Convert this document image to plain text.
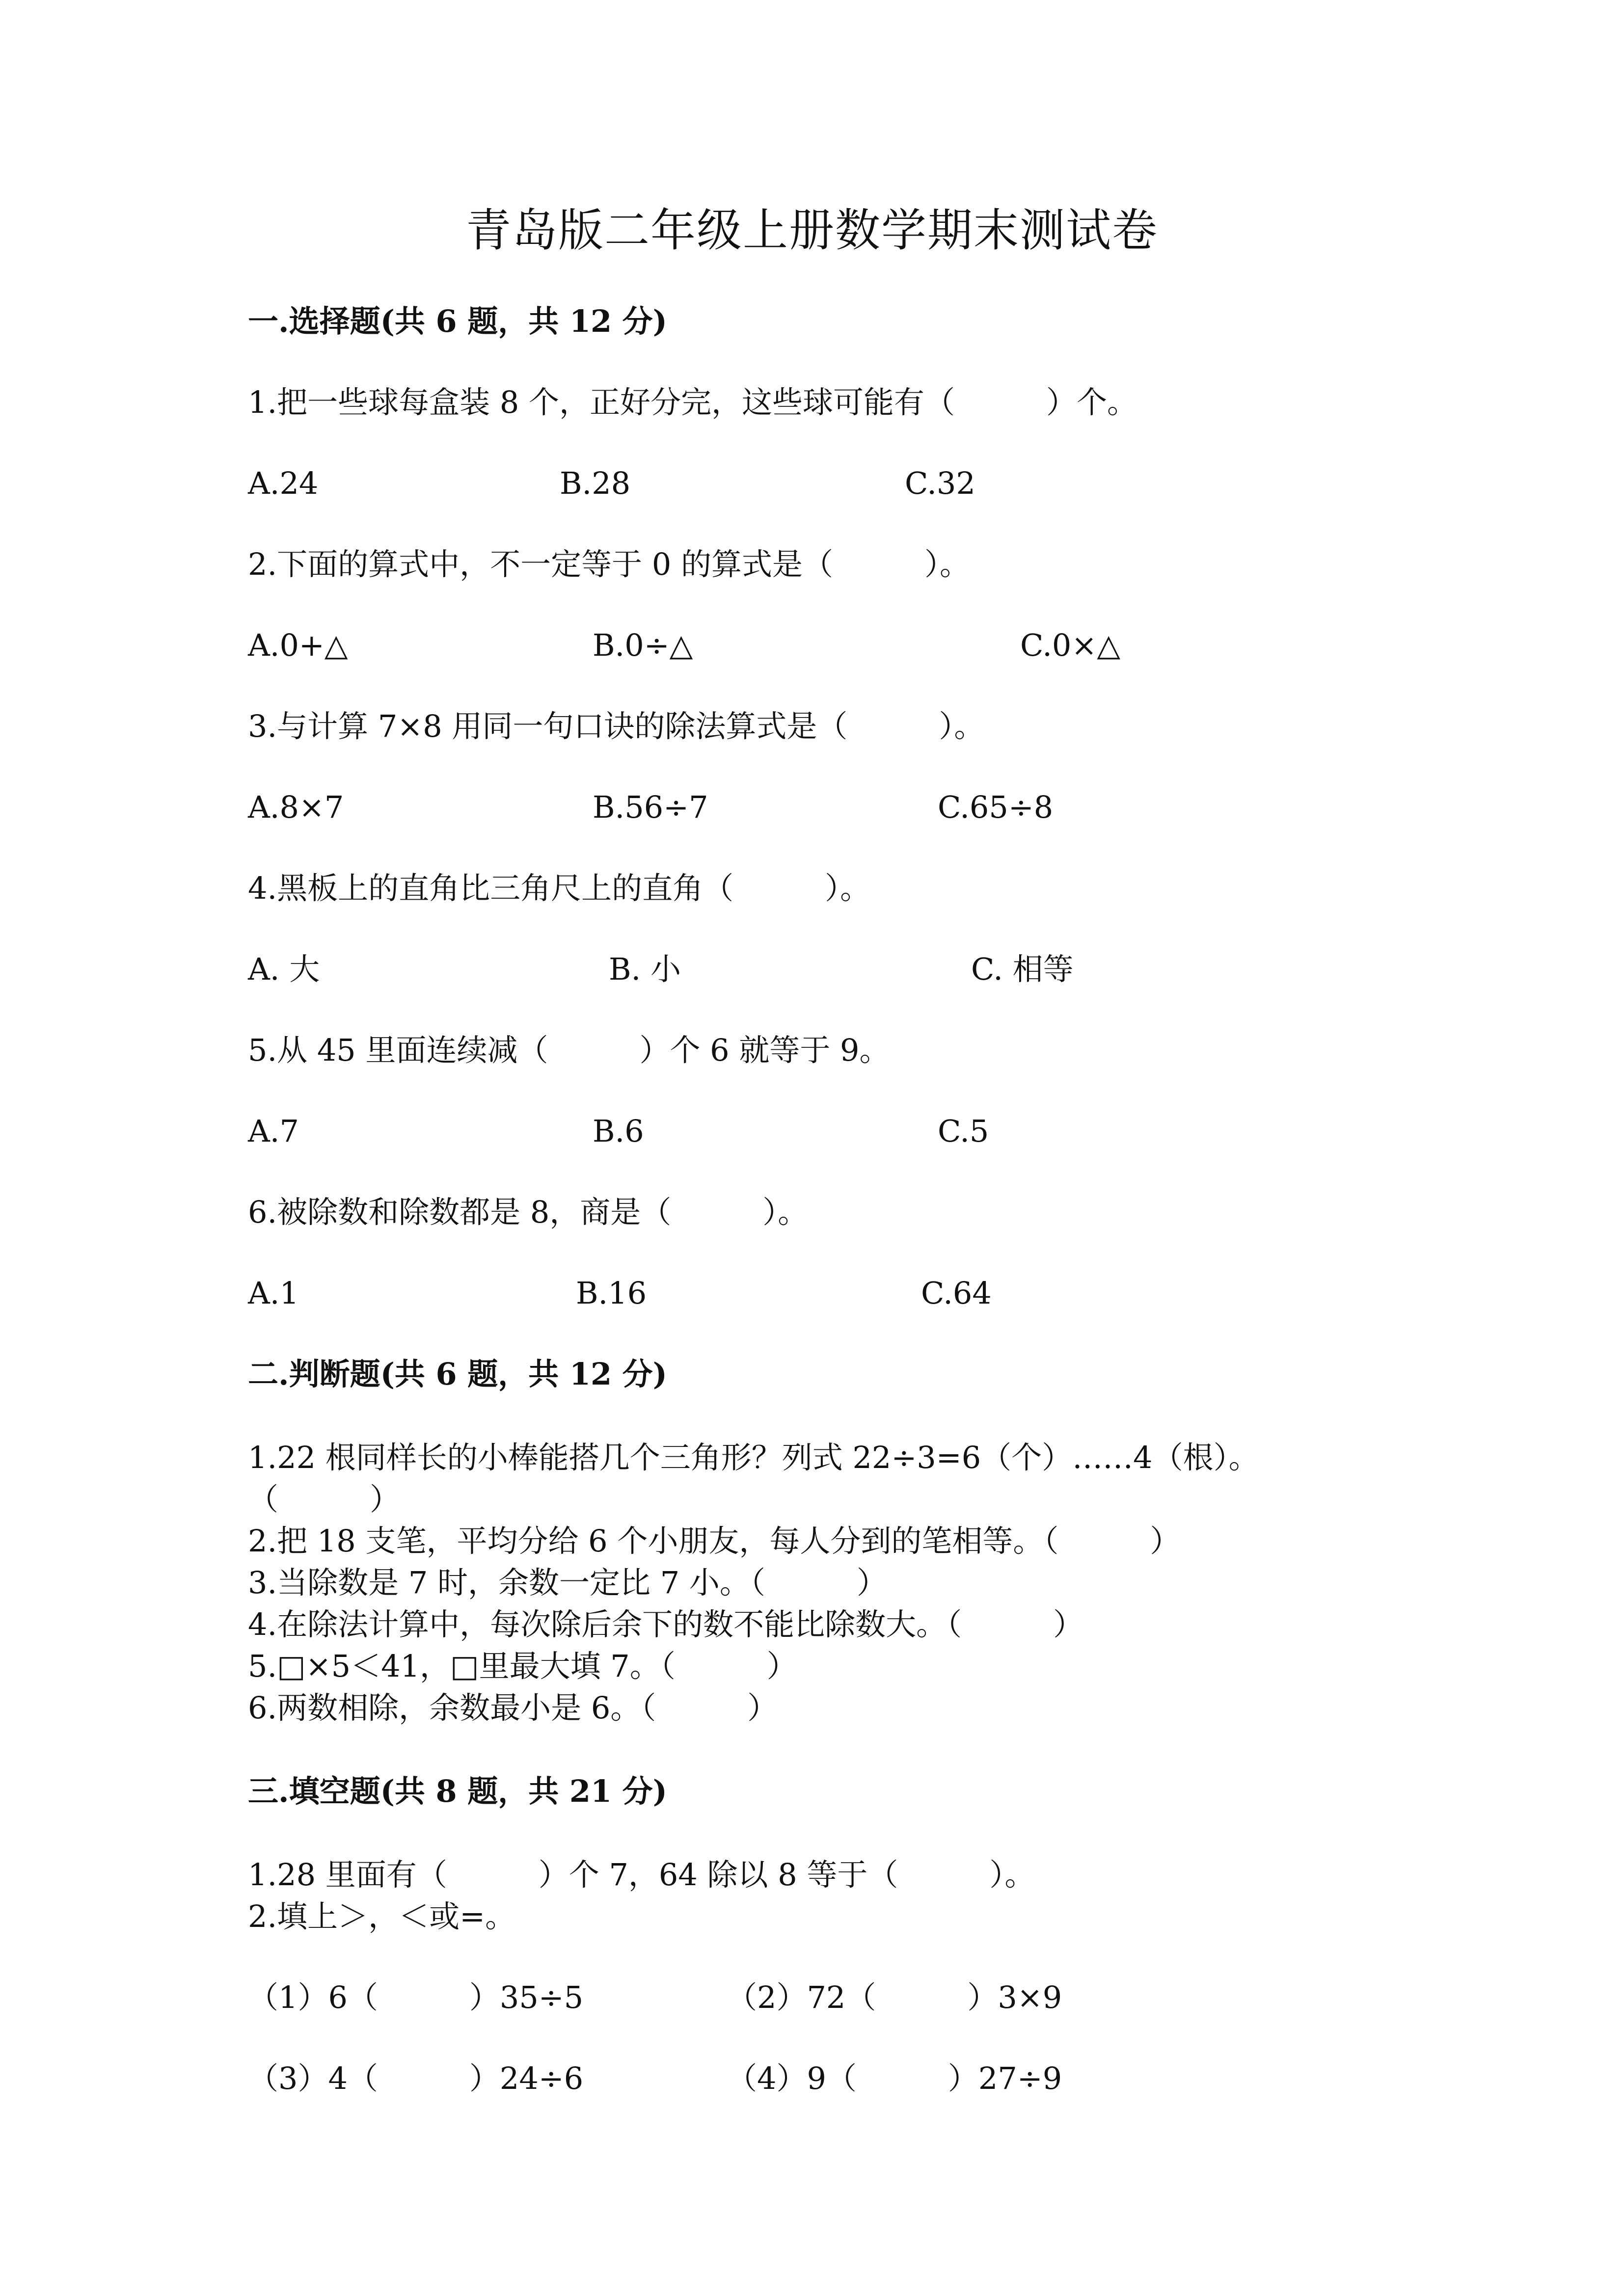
青岛版二年级上册数学期末测试卷
一.选择题(共 6 题，共 12 分)
1.把一些球每盒装 8 个，正好分完，这些球可能有（　　　）个。
A.24	B.28	C.32
2.下面的算式中，不一定等于 0 的算式是（　　　）。
A.0+△	B.0÷△	C.0×△
3.与计算 7×8 用同一句口诀的除法算式是（　　　）。
A.8×7	B.56÷7	C.65÷8
4.黑板上的直角比三角尺上的直角（　　　）。
A. 大	B. 小	C. 相等
5.从 45 里面连续减（　　　）个 6 就等于 9。
A.7	B.6	C.5
6.被除数和除数都是 8，商是（　　　）。
A.1	B.16	C.64
二.判断题(共 6 题，共 12 分)
1.22 根同样长的小棒能搭几个三角形？列式 22÷3=6（个）……4（根）。
（　　　）
2.把 18 支笔，平均分给 6 个小朋友，每人分到的笔相等。（　　　）
3.当除数是 7 时，余数一定比 7 小。（　　　）
4.在除法计算中，每次除后余下的数不能比除数大。（　　　）
5.□×5＜41，□里最大填 7。（　　　）
6.两数相除，余数最小是 6。（　　　）
三.填空题(共 8 题，共 21 分)
1.28 里面有（　　　）个 7，64 除以 8 等于（　　　）。
2.填上＞，＜或=。
（1）6（　　　）35÷5	（2）72（　　　）3×9
（3）4（　　　）24÷6	（4）9（　　　）27÷9
